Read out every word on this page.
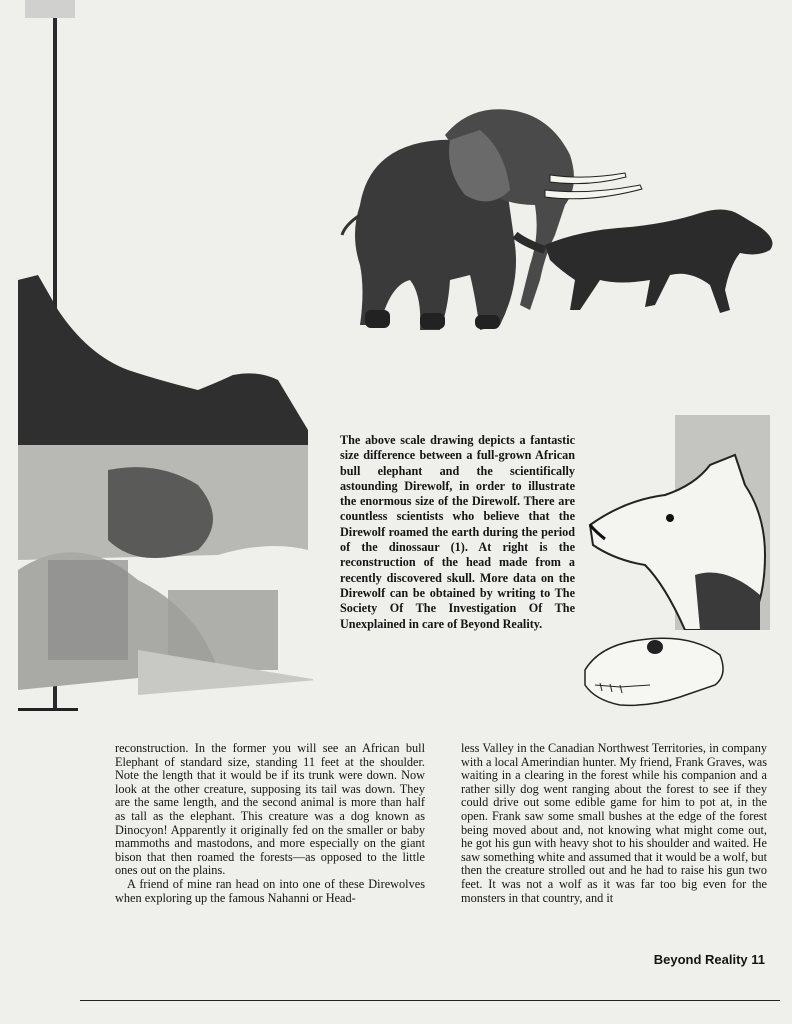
The above scale drawing depicts a fantastic size difference between a full-grown African bull elephant and the scientifically astounding Direwolf, in order to illustrate the enormous size of the Direwolf. There are countless scientists who believe that the Direwolf roamed the earth during the period of the dinossaur (1). At right is the reconstruction of the head made from a recently discovered skull. More data on the Direwolf can be obtained by writing to The Society Of The Investigation Of The Unexplained in care of Beyond Reality.

reconstruction. In the former you will see an African bull Elephant of standard size, standing 11 feet at the shoulder. Note the length that it would be if its trunk were down. Now look at the other creature, supposing its tail was down. They are the same length, and the second animal is more than half as tall as the elephant. This creature was a dog known as Dinocyon! Apparently it originally fed on the smaller or baby mammoths and mastodons, and more especially on the giant bison that then roamed the forests—as opposed to the little ones out on the plains.

A friend of mine ran head on into one of these Direwolves when exploring up the famous Nahanni or Head-

less Valley in the Canadian Northwest Territories, in company with a local Amerindian hunter. My friend, Frank Graves, was waiting in a clearing in the forest while his companion and a rather silly dog went ranging about the forest to see if they could drive out some edible game for him to pot at, in the open. Frank saw some small bushes at the edge of the forest being moved about and, not knowing what might come out, he got his gun with heavy shot to his shoulder and waited. He saw something white and assumed that it would be a wolf, but then the creature strolled out and he had to raise his gun two feet. It was not a wolf as it was far too big even for the monsters in that country, and it

Beyond Reality 11
